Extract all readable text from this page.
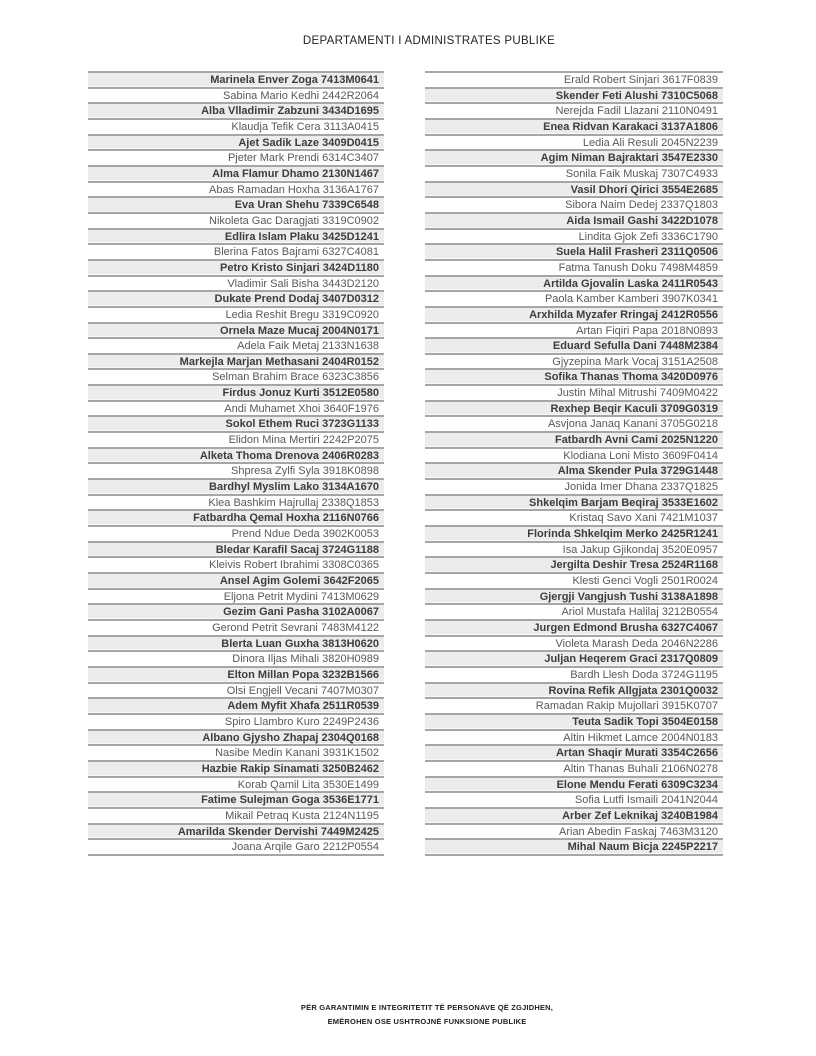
DEPARTAMENTI I ADMINISTRATES PUBLIKE
Marinela Enver Zoga 7413M0641
Sabina Mario Kedhi 2442R2064
Alba Vlladimir Zabzuni 3434D1695
Klaudja Tefik Cera 3113A0415
Ajet Sadik Laze 3409D0415
Pjeter Mark Prendi 6314C3407
Alma Flamur Dhamo 2130N1467
Abas Ramadan Hoxha 3136A1767
Eva Uran Shehu 7339C6548
Nikoleta Gac Daragjati 3319C0902
Edlira Islam Plaku 3425D1241
Blerina Fatos Bajrami 6327C4081
Petro Kristo Sinjari 3424D1180
Vladimir Sali Bisha 3443D2120
Dukate Prend Dodaj 3407D0312
Ledia Reshit Bregu 3319C0920
Ornela Maze Mucaj 2004N0171
Adela Faik Metaj 2133N1638
Markejla Marjan Methasani 2404R0152
Selman Brahim Brace 6323C3856
Firdus Jonuz Kurti 3512E0580
Andi Muhamet Xhoi 3640F1976
Sokol Ethem Ruci 3723G1133
Elidon Mina Mertiri 2242P2075
Alketa Thoma Drenova 2406R0283
Shpresa Zylfi Syla 3918K0898
Bardhyl Myslim Lako 3134A1670
Klea Bashkim Hajrullaj 2338Q1853
Fatbardha Qemal Hoxha 2116N0766
Prend Ndue Deda 3902K0053
Bledar Karafil Sacaj 3724G1188
Kleivis Robert Ibrahimi 3308C0365
Ansel Agim Golemi 3642F2065
Eljona Petrit Mydini 7413M0629
Gezim Gani Pasha 3102A0067
Gerond Petrit Sevrani 7483M4122
Blerta Luan Guxha 3813H0620
Dinora Iljas Mihali 3820H0989
Elton Millan Popa 3232B1566
Olsi Engjell Vecani 7407M0307
Adem Myfit Xhafa 2511R0539
Spiro Llambro Kuro 2249P2436
Albano Gjysho Zhapaj 2304Q0168
Nasibe Medin Kanani 3931K1502
Hazbie Rakip Sinamati 3250B2462
Korab Qamil Lita 3530E1499
Fatime Sulejman Goga 3536E1771
Mikail Petraq Kusta 2124N1195
Amarilda Skender Dervishi 7449M2425
Joana Arqile Garo 2212P0554
Erald Robert Sinjari 3617F0839
Skender Feti Alushi 7310C5068
Nerejda Fadil Llazani 2110N0491
Enea Ridvan Karakaci 3137A1806
Ledia Ali Resuli 2045N2239
Agim Niman Bajraktari 3547E2330
Sonila Faik Muskaj 7307C4933
Vasil Dhori Qirici 3554E2685
Sibora Naim Dedej 2337Q1803
Aida Ismail Gashi 3422D1078
Lindita Gjok Zefi 3336C1790
Suela Halil Frasheri 2311Q0506
Fatma Tanush Doku 7498M4859
Artilda Gjovalin Laska 2411R0543
Paola Kamber Kamberi 3907K0341
Arxhilda Myzafer Rringaj 2412R0556
Artan Fiqiri Papa 2018N0893
Eduard Sefulla Dani 7448M2384
Gjyzepina Mark Vocaj 3151A2508
Sofika Thanas Thoma 3420D0976
Justin Mihal Mitrushi 7409M0422
Rexhep Beqir Kaculi 3709G0319
Asvjona Janaq Kanani 3705G0218
Fatbardh Avni Cami 2025N1220
Klodiana Loni Misto 3609F0414
Alma Skender Pula 3729G1448
Jonida Imer Dhana 2337Q1825
Shkelqim Barjam Beqiraj 3533E1602
Kristaq Savo Xani 7421M1037
Florinda Shkelqim Merko 2425R1241
Isa Jakup Gjikondaj 3520E0957
Jergilta Deshir Tresa 2524R1168
Klesti Genci Vogli 2501R0024
Gjergji Vangjush Tushi 3138A1898
Ariol Mustafa Halilaj 3212B0554
Jurgen Edmond Brusha 6327C4067
Violeta Marash Deda 2046N2286
Juljan Heqerem Graci 2317Q0809
Bardh Llesh Doda 3724G1195
Rovina Refik Allgjata 2301Q0032
Ramadan Rakip Mujollari 3915K0707
Teuta Sadik Topi 3504E0158
Altin Hikmet Lamce 2004N0183
Artan Shaqir Murati 3354C2656
Altin Thanas Buhali 2106N0278
Elone Mendu Ferati 6309C3234
Sofia Lutfi Ismaili 2041N2044
Arber Zef Leknikaj 3240B1984
Arian Abedin Faskaj 7463M3120
Mihal Naum Bicja 2245P2217
PËR GARANTIMIN E INTEGRITETIT TË PERSONAVE QË ZGJIDHEN,
EMËROHEN OSE USHTROJNË FUNKSIONE PUBLIKE
